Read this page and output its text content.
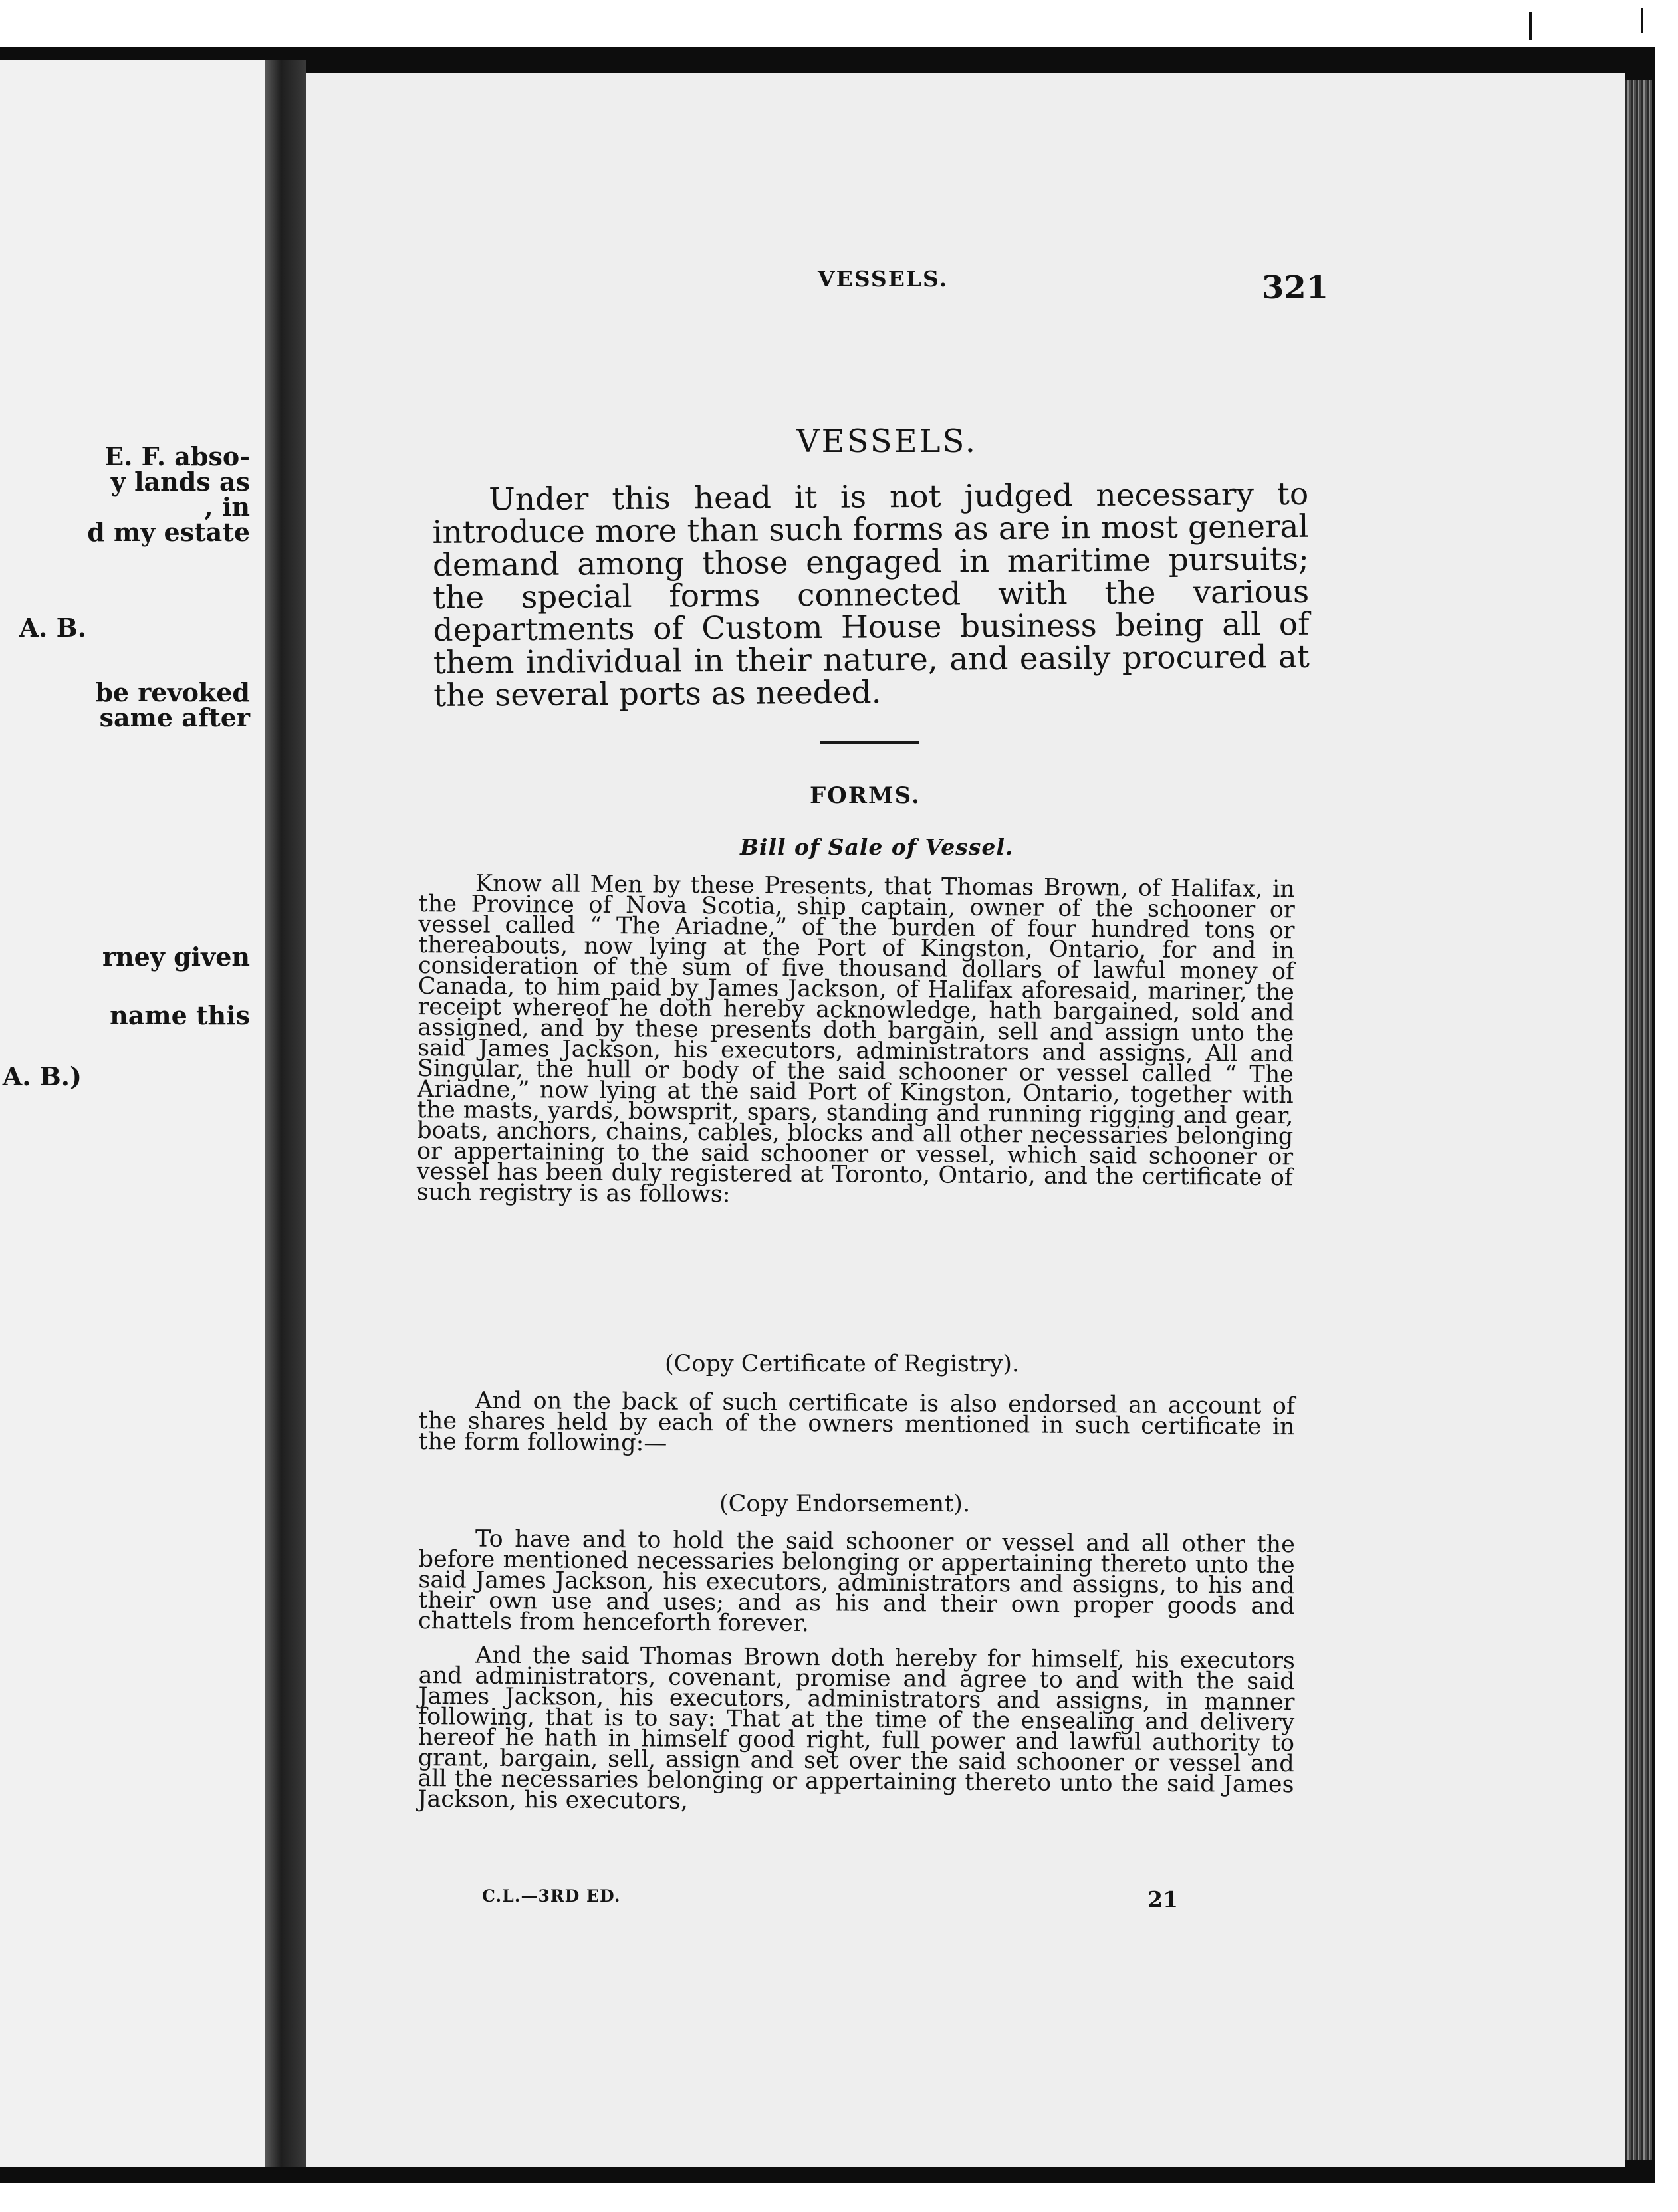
E. F. abso-
y lands as
, in
d my estate
A. B.
be revoked
same after
rney given
name this
A. B.)
VESSELS.	321
VESSELS.

Under this head it is not judged necessary to introduce more than such forms as are in most general demand among those engaged in maritime pursuits; the special forms connected with the various departments of Custom House business being all of them individual in their nature, and easily procured at the several ports as needed.

FORMS.
Bill of Sale of Vessel.

Know all Men by these Presents, that Thomas Brown, of Halifax, in the Province of Nova Scotia, ship captain, owner of the schooner or vessel called “ The Ariadne,” of the burden of four hundred tons or thereabouts, now lying at the Port of Kingston, Ontario, for and in consideration of the sum of five thousand dollars of lawful money of Canada, to him paid by James Jackson, of Halifax aforesaid, mariner, the receipt whereof he doth hereby acknowledge, hath bargained, sold and assigned, and by these presents doth bargain, sell and assign unto the said James Jackson, his executors, administrators and assigns, All and Singular, the hull or body of the said schooner or vessel called “ The Ariadne,” now lying at the said Port of Kingston, Ontario, together with the masts, yards, bowsprit, spars, standing and running rigging and gear, boats, anchors, chains, cables, blocks and all other necessaries belonging or appertaining to the said schooner or vessel, which said schooner or vessel has been duly registered at Toronto, Ontario, and the certificate of such registry is as follows:

(Copy Certificate of Registry).

And on the back of such certificate is also endorsed an account of the shares held by each of the owners mentioned in such certificate in the form following:—

(Copy Endorsement).

To have and to hold the said schooner or vessel and all other the before mentioned necessaries belonging or appertaining thereto unto the said James Jackson, his executors, administrators and assigns, to his and their own use and uses; and as his and their own proper goods and chattels from henceforth forever.

And the said Thomas Brown doth hereby for himself, his executors and administrators, covenant, promise and agree to and with the said James Jackson, his executors, administrators and assigns, in manner following, that is to say: That at the time of the ensealing and delivery hereof he hath in himself good right, full power and lawful authority to grant, bargain, sell, assign and set over the said schooner or vessel and all the necessaries belonging or appertaining thereto unto the said James Jackson, his executors,

C.L.—3RD ED.	21
